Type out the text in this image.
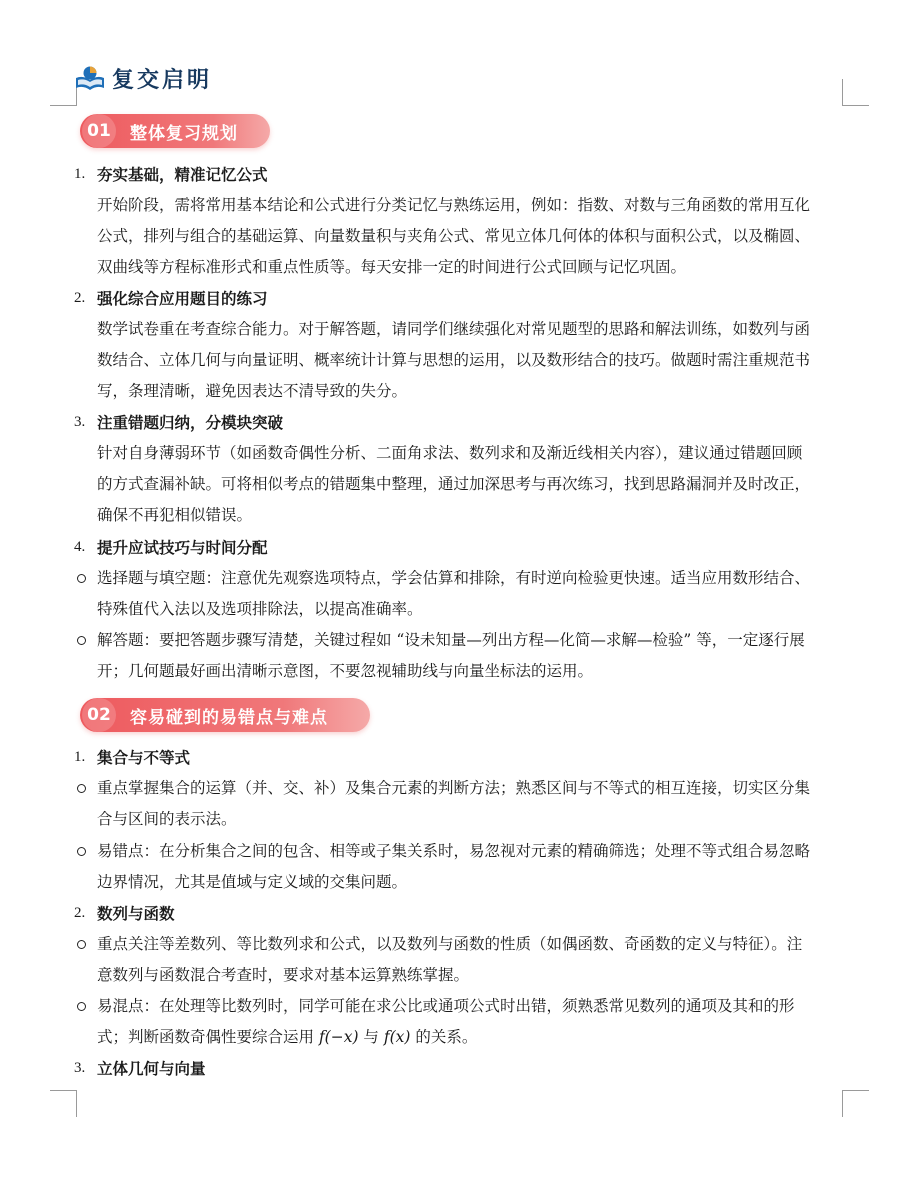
复交启明
01	整体复习规划
1. 夯实基础，精准记忆公式
开始阶段，需将常用基本结论和公式进行分类记忆与熟练运用，例如：指数、对数与三角函数的常用互化
公式，排列与组合的基础运算、向量数量积与夹角公式、常见立体几何体的体积与面积公式，以及椭圆、
双曲线等方程标准形式和重点性质等。每天安排一定的时间进行公式回顾与记忆巩固。
2. 强化综合应用题目的练习
数学试卷重在考查综合能力。对于解答题，请同学们继续强化对常见题型的思路和解法训练，如数列与函
数结合、立体几何与向量证明、概率统计计算与思想的运用，以及数形结合的技巧。做题时需注重规范书
写，条理清晰，避免因表达不清导致的失分。
3. 注重错题归纳，分模块突破
针对自身薄弱环节（如函数奇偶性分析、二面角求法、数列求和及渐近线相关内容），建议通过错题回顾
的方式查漏补缺。可将相似考点的错题集中整理，通过加深思考与再次练习，找到思路漏洞并及时改正，
确保不再犯相似错误。
4. 提升应试技巧与时间分配
选择题与填空题：注意优先观察选项特点，学会估算和排除，有时逆向检验更快速。适当应用数形结合、
特殊值代入法以及选项排除法，以提高准确率。
解答题：要把答题步骤写清楚，关键过程如 “设未知量—列出方程—化简—求解—检验” 等，一定逐行展
开；几何题最好画出清晰示意图，不要忽视辅助线与向量坐标法的运用。
02	容易碰到的易错点与难点
1. 集合与不等式
重点掌握集合的运算（并、交、补）及集合元素的判断方法；熟悉区间与不等式的相互连接，切实区分集
合与区间的表示法。
易错点：在分析集合之间的包含、相等或子集关系时，易忽视对元素的精确筛选；处理不等式组合易忽略
边界情况，尤其是值域与定义域的交集问题。
2. 数列与函数
重点关注等差数列、等比数列求和公式，以及数列与函数的性质（如偶函数、奇函数的定义与特征）。注
意数列与函数混合考查时，要求对基本运算熟练掌握。
易混点：在处理等比数列时，同学可能在求公比或通项公式时出错，须熟悉常见数列的通项及其和的形
式；判断函数奇偶性要综合运用 f(−x) 与 f(x) 的关系。
3. 立体几何与向量
